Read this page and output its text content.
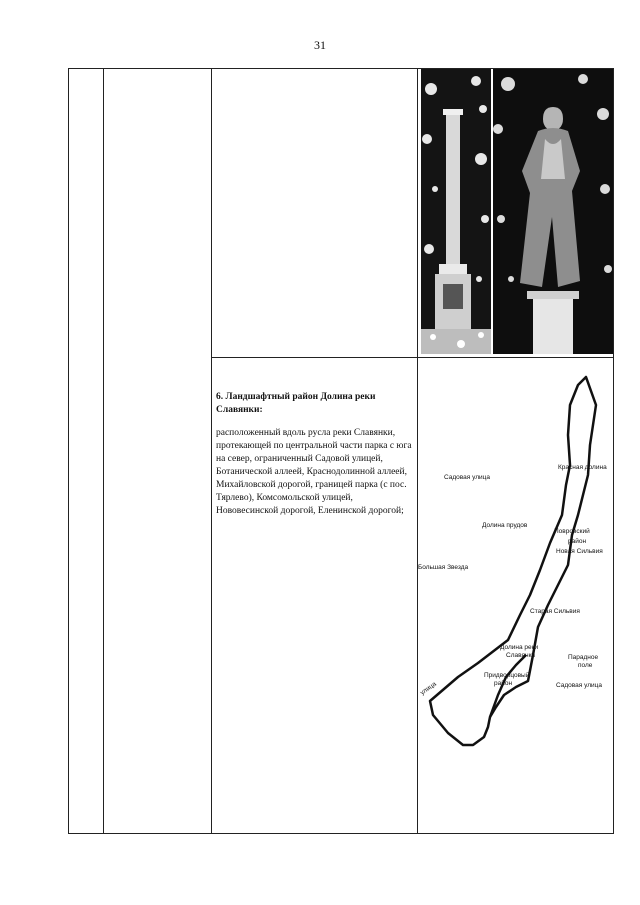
31

6. Ландшафтный район Долина реки Славянки:

расположенный вдоль русла реки Славянки, протекающей по центральной части парка с юга на север, ограниченный Садовой улицей, Ботанической аллеей, Краснодолинной аллеей, Михайловской дорогой, границей парка (с пос. Тярлево), Комсомольской улицей, Нововесинской дорогой, Еленинской дорогой;

Садовая улица
Красная долина
Долина прудов
Повровский
район
Новая Сильвия
Большая Звезда
Старая Сильвия
Долина реки
Славянки	Парадное
поле
Придворцовый
район	Садовая улица
улица
